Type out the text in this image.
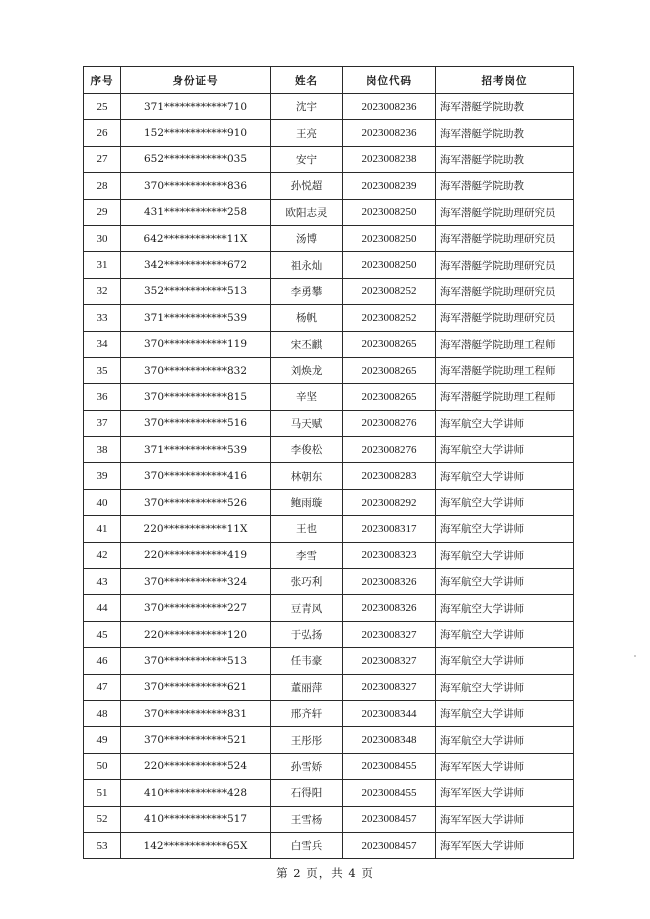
序号	身份证号	姓名	岗位代码	招考岗位
25	371************710	沈宇	2023008236	海军潜艇学院助教
26	152************910	王亮	2023008236	海军潜艇学院助教
27	652************035	安宁	2023008238	海军潜艇学院助教
28	370************836	孙悦超	2023008239	海军潜艇学院助教
29	431************258	欧阳志灵	2023008250	海军潜艇学院助理研究员
30	642************11X	汤博	2023008250	海军潜艇学院助理研究员
31	342************672	祖永灿	2023008250	海军潜艇学院助理研究员
32	352************513	李勇攀	2023008252	海军潜艇学院助理研究员
33	371************539	杨帆	2023008252	海军潜艇学院助理研究员
34	370************119	宋丕麒	2023008265	海军潜艇学院助理工程师
35	370************832	刘焕龙	2023008265	海军潜艇学院助理工程师
36	370************815	辛坚	2023008265	海军潜艇学院助理工程师
37	370************516	马天赋	2023008276	海军航空大学讲师
38	371************539	李俊松	2023008276	海军航空大学讲师
39	370************416	林朝东	2023008283	海军航空大学讲师
40	370************526	鲍雨璇	2023008292	海军航空大学讲师
41	220************11X	王也	2023008317	海军航空大学讲师
42	220************419	李雪	2023008323	海军航空大学讲师
43	370************324	张巧利	2023008326	海军航空大学讲师
44	370************227	豆青风	2023008326	海军航空大学讲师
45	220************120	于弘扬	2023008327	海军航空大学讲师
46	370************513	任韦豪	2023008327	海军航空大学讲师
47	370************621	董丽萍	2023008327	海军航空大学讲师
48	370************831	邢齐轩	2023008344	海军航空大学讲师
49	370************521	王彤彤	2023008348	海军航空大学讲师
50	220************524	孙雪娇	2023008455	海军军医大学讲师
51	410************428	石得阳	2023008455	海军军医大学讲师
52	410************517	王雪杨	2023008457	海军军医大学讲师
53	142************65X	白雪兵	2023008457	海军军医大学讲师
第 2 页，共 4 页
